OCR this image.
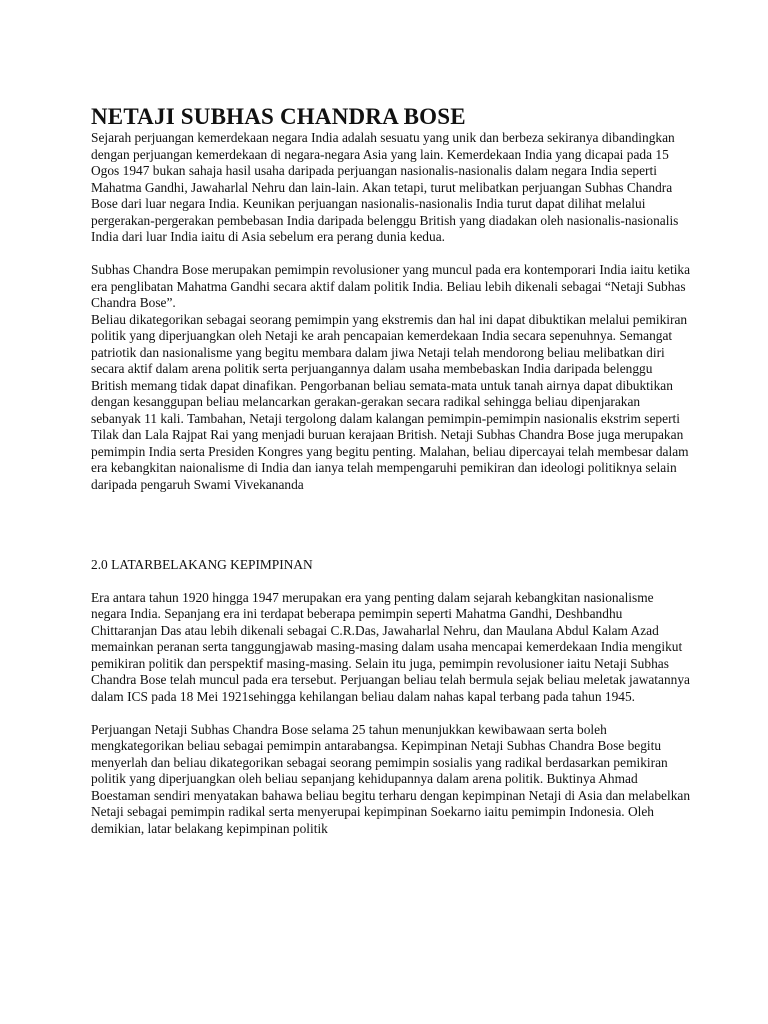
NETAJI SUBHAS CHANDRA BOSE

Sejarah perjuangan kemerdekaan negara India adalah sesuatu yang unik dan berbeza sekiranya dibandingkan dengan perjuangan kemerdekaan di negara-negara Asia yang lain. Kemerdekaan India yang dicapai pada 15 Ogos 1947 bukan sahaja hasil usaha daripada perjuangan nasionalis-nasionalis dalam negara India seperti Mahatma Gandhi, Jawaharlal Nehru dan lain-lain. Akan tetapi, turut melibatkan perjuangan Subhas Chandra Bose dari luar negara India. Keunikan perjuangan nasionalis-nasionalis India turut dapat dilihat melalui pergerakan-pergerakan pembebasan India daripada belenggu British yang diadakan oleh nasionalis-nasionalis India dari luar India iaitu di Asia sebelum era perang dunia kedua.

Subhas Chandra Bose merupakan pemimpin revolusioner yang muncul pada era kontemporari India iaitu ketika era penglibatan Mahatma Gandhi secara aktif dalam politik India. Beliau lebih dikenali sebagai “Netaji Subhas Chandra Bose”.

Beliau dikategorikan sebagai seorang pemimpin yang ekstremis dan hal ini dapat dibuktikan melalui pemikiran politik yang diperjuangkan oleh Netaji ke arah pencapaian kemerdekaan India secara sepenuhnya. Semangat patriotik dan nasionalisme yang begitu membara dalam jiwa Netaji telah mendorong beliau melibatkan diri secara aktif dalam arena politik serta perjuangannya dalam usaha membebaskan India daripada belenggu British memang tidak dapat dinafikan. Pengorbanan beliau semata-mata untuk tanah airnya dapat dibuktikan dengan kesanggupan beliau melancarkan gerakan-gerakan secara radikal sehingga beliau dipenjarakan sebanyak 11 kali. Tambahan, Netaji tergolong dalam kalangan pemimpin-pemimpin nasionalis ekstrim seperti Tilak dan Lala Rajpat Rai yang menjadi buruan kerajaan British. Netaji Subhas Chandra Bose juga merupakan pemimpin India serta Presiden Kongres yang begitu penting. Malahan, beliau dipercayai telah membesar dalam era kebangkitan naionalisme di India dan ianya telah mempengaruhi pemikiran dan ideologi politiknya selain daripada pengaruh Swami Vivekananda

2.0 LATARBELAKANG KEPIMPINAN

Era antara tahun 1920 hingga 1947 merupakan era yang penting dalam sejarah kebangkitan nasionalisme negara India. Sepanjang era ini terdapat beberapa pemimpin seperti Mahatma Gandhi, Deshbandhu Chittaranjan Das atau lebih dikenali sebagai C.R.Das, Jawaharlal Nehru, dan Maulana Abdul Kalam Azad memainkan peranan serta tanggungjawab masing-masing dalam usaha mencapai kemerdekaan India mengikut pemikiran politik dan perspektif masing-masing. Selain itu juga, pemimpin revolusioner iaitu Netaji Subhas Chandra Bose telah muncul pada era tersebut. Perjuangan beliau telah bermula sejak beliau meletak jawatannya dalam ICS pada 18 Mei 1921sehingga kehilangan beliau dalam nahas kapal terbang pada tahun 1945.

Perjuangan Netaji Subhas Chandra Bose selama 25 tahun menunjukkan kewibawaan serta boleh mengkategorikan beliau sebagai pemimpin antarabangsa. Kepimpinan Netaji Subhas Chandra Bose begitu menyerlah dan beliau dikategorikan sebagai seorang pemimpin sosialis yang radikal berdasarkan pemikiran politik yang diperjuangkan oleh beliau sepanjang kehidupannya dalam arena politik. Buktinya Ahmad Boestaman sendiri menyatakan bahawa beliau begitu terharu dengan kepimpinan Netaji di Asia dan melabelkan Netaji sebagai pemimpin radikal serta menyerupai kepimpinan Soekarno iaitu pemimpin Indonesia. Oleh demikian, latar belakang kepimpinan politik
